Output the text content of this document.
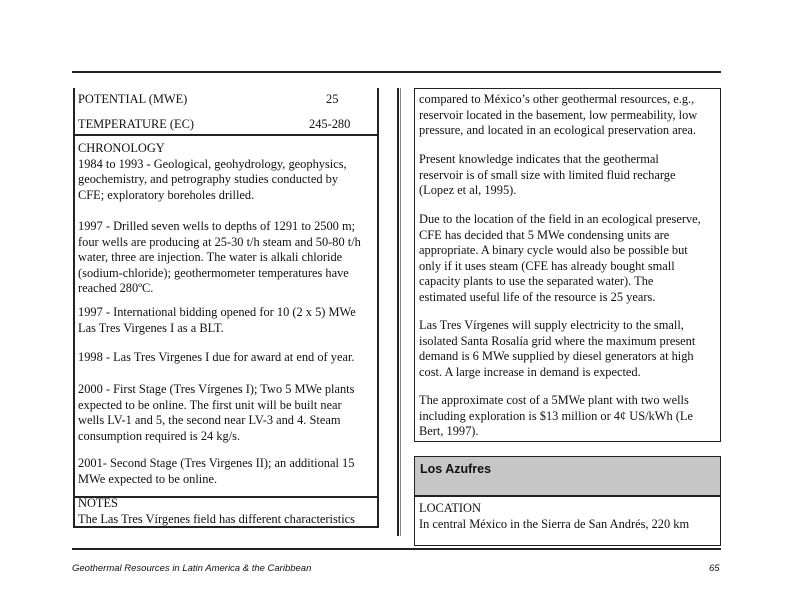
POTENTIAL (MWE)	25
TEMPERATURE (ЕC)	245-280
Los Azufres
Geothermal Resources in Latin America & the Caribbean	65
CHRONOLOGY
1984 to 1993 - Geological, geohydrology, geophysics,
geochemistry, and petrography studies conducted by
CFE; exploratory boreholes drilled.
1997 - Drilled seven wells to depths of 1291 to 2500 m;
four wells are producing at 25-30 t/h steam and 50-80 t/h
water, three are injection. The water is alkali chloride
(sodium-chloride); geothermometer temperatures have
reached 280ºC.
1997 - International bidding opened for 10 (2 x 5) MWe
Las Tres Virgenes I as a BLT.
1998 - Las Tres Virgenes I due for award at end of year.
2000 - First Stage (Tres Vírgenes I); Two 5 MWe plants
expected to be online. The first unit will be built near
wells LV-1 and 5, the second near LV-3 and 4. Steam
consumption required is 24 kg/s.
2001- Second Stage (Tres Virgenes II); an additional 15
MWe expected to be online.
NOTES
The Las Tres Vírgenes field has different characteristics
compared to México’s other geothermal resources, e.g.,
reservoir located in the basement, low permeability, low
pressure, and located in an ecological preservation area.
Present knowledge indicates that the geothermal
reservoir is of small size with limited fluid recharge
(Lopez et al, 1995).
Due to the location of the field in an ecological preserve,
CFE has decided that 5 MWe condensing units are
appropriate. A binary cycle would also be possible but
only if it uses steam (CFE has already bought small
capacity plants to use the separated water). The
estimated useful life of the resource is 25 years.
Las Tres Vírgenes will supply electricity to the small,
isolated Santa Rosalía grid where the maximum present
demand is 6 MWe supplied by diesel generators at high
cost. A large increase in demand is expected.
The approximate cost of a 5MWe plant with two wells
including exploration is $13 million or 4¢ US/kWh (Le
Bert, 1997).
LOCATION
In central México in the Sierra de San Andrés, 220 km
